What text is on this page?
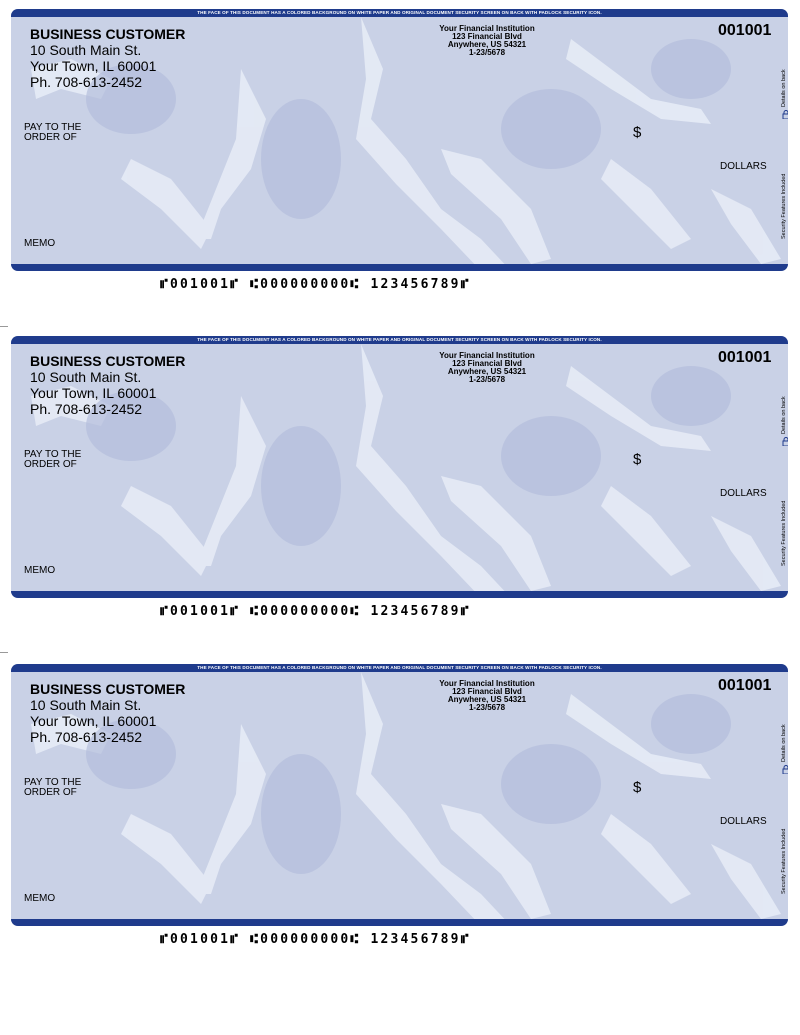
THE FACE OF THIS DOCUMENT HAS A COLORED BACKGROUND ON WHITE PAPER AND ORIGINAL DOCUMENT SECURITY SCREEN ON BACK WITH PADLOCK SECURITY ICON.
BUSINESS CUSTOMER
10 South Main St.
Your Town, IL 60001
Ph. 708-613-2452
Your Financial Institution
123 Financial Blvd
Anywhere, US 54321
1-23/5678
001001
PAY TO THE
ORDER OF	$
DOLLARS
MEMO
Details on back
Security Features Included
⑈001001⑈ ⑆000000000⑆ 123456789⑈
THE FACE OF THIS DOCUMENT HAS A COLORED BACKGROUND ON WHITE PAPER AND ORIGINAL DOCUMENT SECURITY SCREEN ON BACK WITH PADLOCK SECURITY ICON.
BUSINESS CUSTOMER
10 South Main St.
Your Town, IL 60001
Ph. 708-613-2452
Your Financial Institution
123 Financial Blvd
Anywhere, US 54321
1-23/5678
001001
PAY TO THE
ORDER OF	$
DOLLARS
MEMO
Details on back
Security Features Included
⑈001001⑈ ⑆000000000⑆ 123456789⑈
THE FACE OF THIS DOCUMENT HAS A COLORED BACKGROUND ON WHITE PAPER AND ORIGINAL DOCUMENT SECURITY SCREEN ON BACK WITH PADLOCK SECURITY ICON.
BUSINESS CUSTOMER
10 South Main St.
Your Town, IL 60001
Ph. 708-613-2452
Your Financial Institution
123 Financial Blvd
Anywhere, US 54321
1-23/5678
001001
PAY TO THE
ORDER OF	$
DOLLARS
MEMO
Details on back
Security Features Included
⑈001001⑈ ⑆000000000⑆ 123456789⑈
